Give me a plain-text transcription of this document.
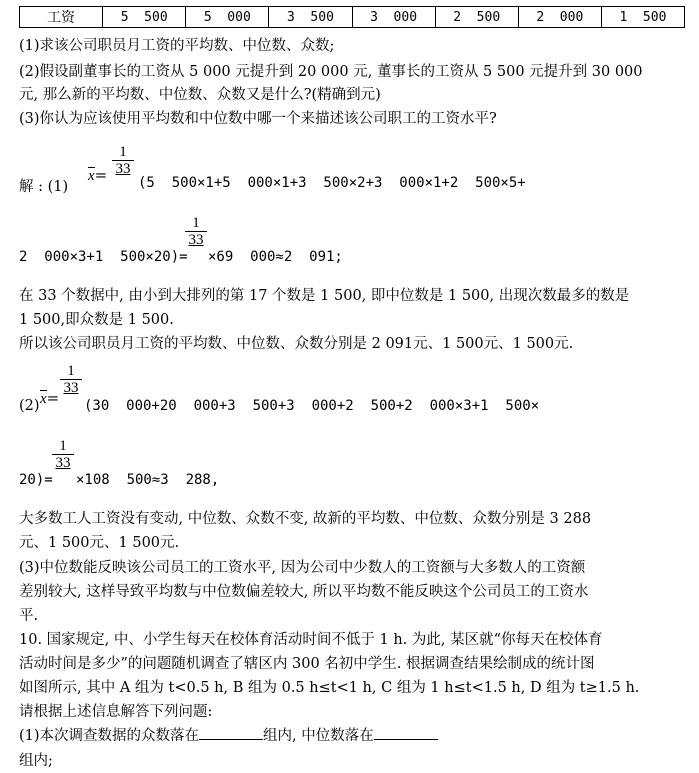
工资	5  500	5  000	3  500	3  000	2  500	2  000	1  500
(1)求该公司职员月工资的平均数、中位数、众数;
(2)假设副董事长的工资从 5 000 元提升到 20 000 元, 董事长的工资从 5 500 元提升到 30 000
元, 那么新的平均数、中位数、众数又是什么?(精确到元)
(3)你认为应该使用平均数和中位数中哪一个来描述该公司职工的工资水平?
解 : (1)
$x= \frac{1}{33}$
(5  500×1+5  000×1+3  500×2+3  000×1+2  500×5+
2  000×3+1  500×20)=
$\frac{1}{33}$
×69  000≈2  091;
在 33 个数据中, 由小到大排列的第 17 个数是 1 500, 即中位数是 1 500, 出现次数最多的数是
1 500,即众数是 1 500.
所以该公司职员月工资的平均数、中位数、众数分别是 2 091元、1 500元、1 500元.
(2) x=
$\frac{1}{33}$
(30  000+20  000+3  500+3  000+2  500+2  000×3+1  500×
20)=
$\frac{1}{33}$
×108  500≈3  288,
大多数工人工资没有变动, 中位数、众数不变, 故新的平均数、中位数、众数分别是 3 288
元、1 500元、1 500元.
(3)中位数能反映该公司员工的工资水平, 因为公司中少数人的工资额与大多数人的工资额
差别较大, 这样导致平均数与中位数偏差较大, 所以平均数不能反映这个公司员工的工资水
平.
10. 国家规定, 中、小学生每天在校体育活动时间不低于 1 h. 为此, 某区就“你每天在校体育
活动时间是多少”的问题随机调查了辖区内 300 名初中学生. 根据调查结果绘制成的统计图
如图所示, 其中 A 组为 t<0.5 h, B 组为 0.5 h≤t<1 h, C 组为 1 h≤t<1.5 h, D 组为 t≥1.5 h.
请根据上述信息解答下列问题:
(1)本次调查数据的众数落在	组内, 中位数落在
组内;
